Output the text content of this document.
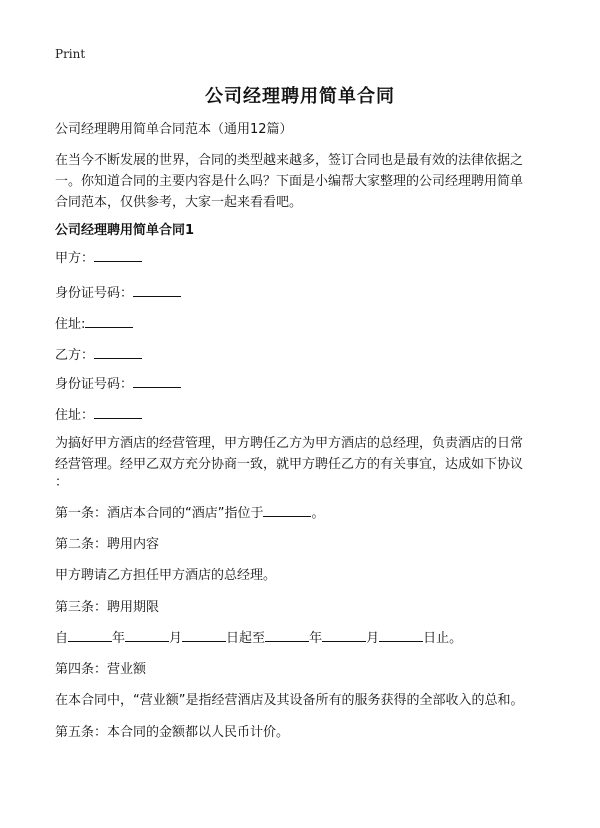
Print
公司经理聘用简单合同
公司经理聘用简单合同范本（通用12篇）
在当今不断发展的世界，合同的类型越来越多，签订合同也是最有效的法律依据之
一。你知道合同的主要内容是什么吗？下面是小编帮大家整理的公司经理聘用简单
合同范本，仅供参考，大家一起来看看吧。
公司经理聘用简单合同1
甲方：
身份证号码：
住址:
乙方：
身份证号码：
住址：
为搞好甲方酒店的经营管理，甲方聘任乙方为甲方酒店的总经理，负责酒店的日常
经营管理。经甲乙双方充分协商一致，就甲方聘任乙方的有关事宜，达成如下协议
：
第一条：酒店本合同的“酒店”指位于	。
第二条：聘用内容
甲方聘请乙方担任甲方酒店的总经理。
第三条：聘用期限
自	年	月	日起至	年	月	日止。
第四条：营业额
在本合同中，“营业额”是指经营酒店及其设备所有的服务获得的全部收入的总和。
第五条：本合同的金额都以人民币计价。
